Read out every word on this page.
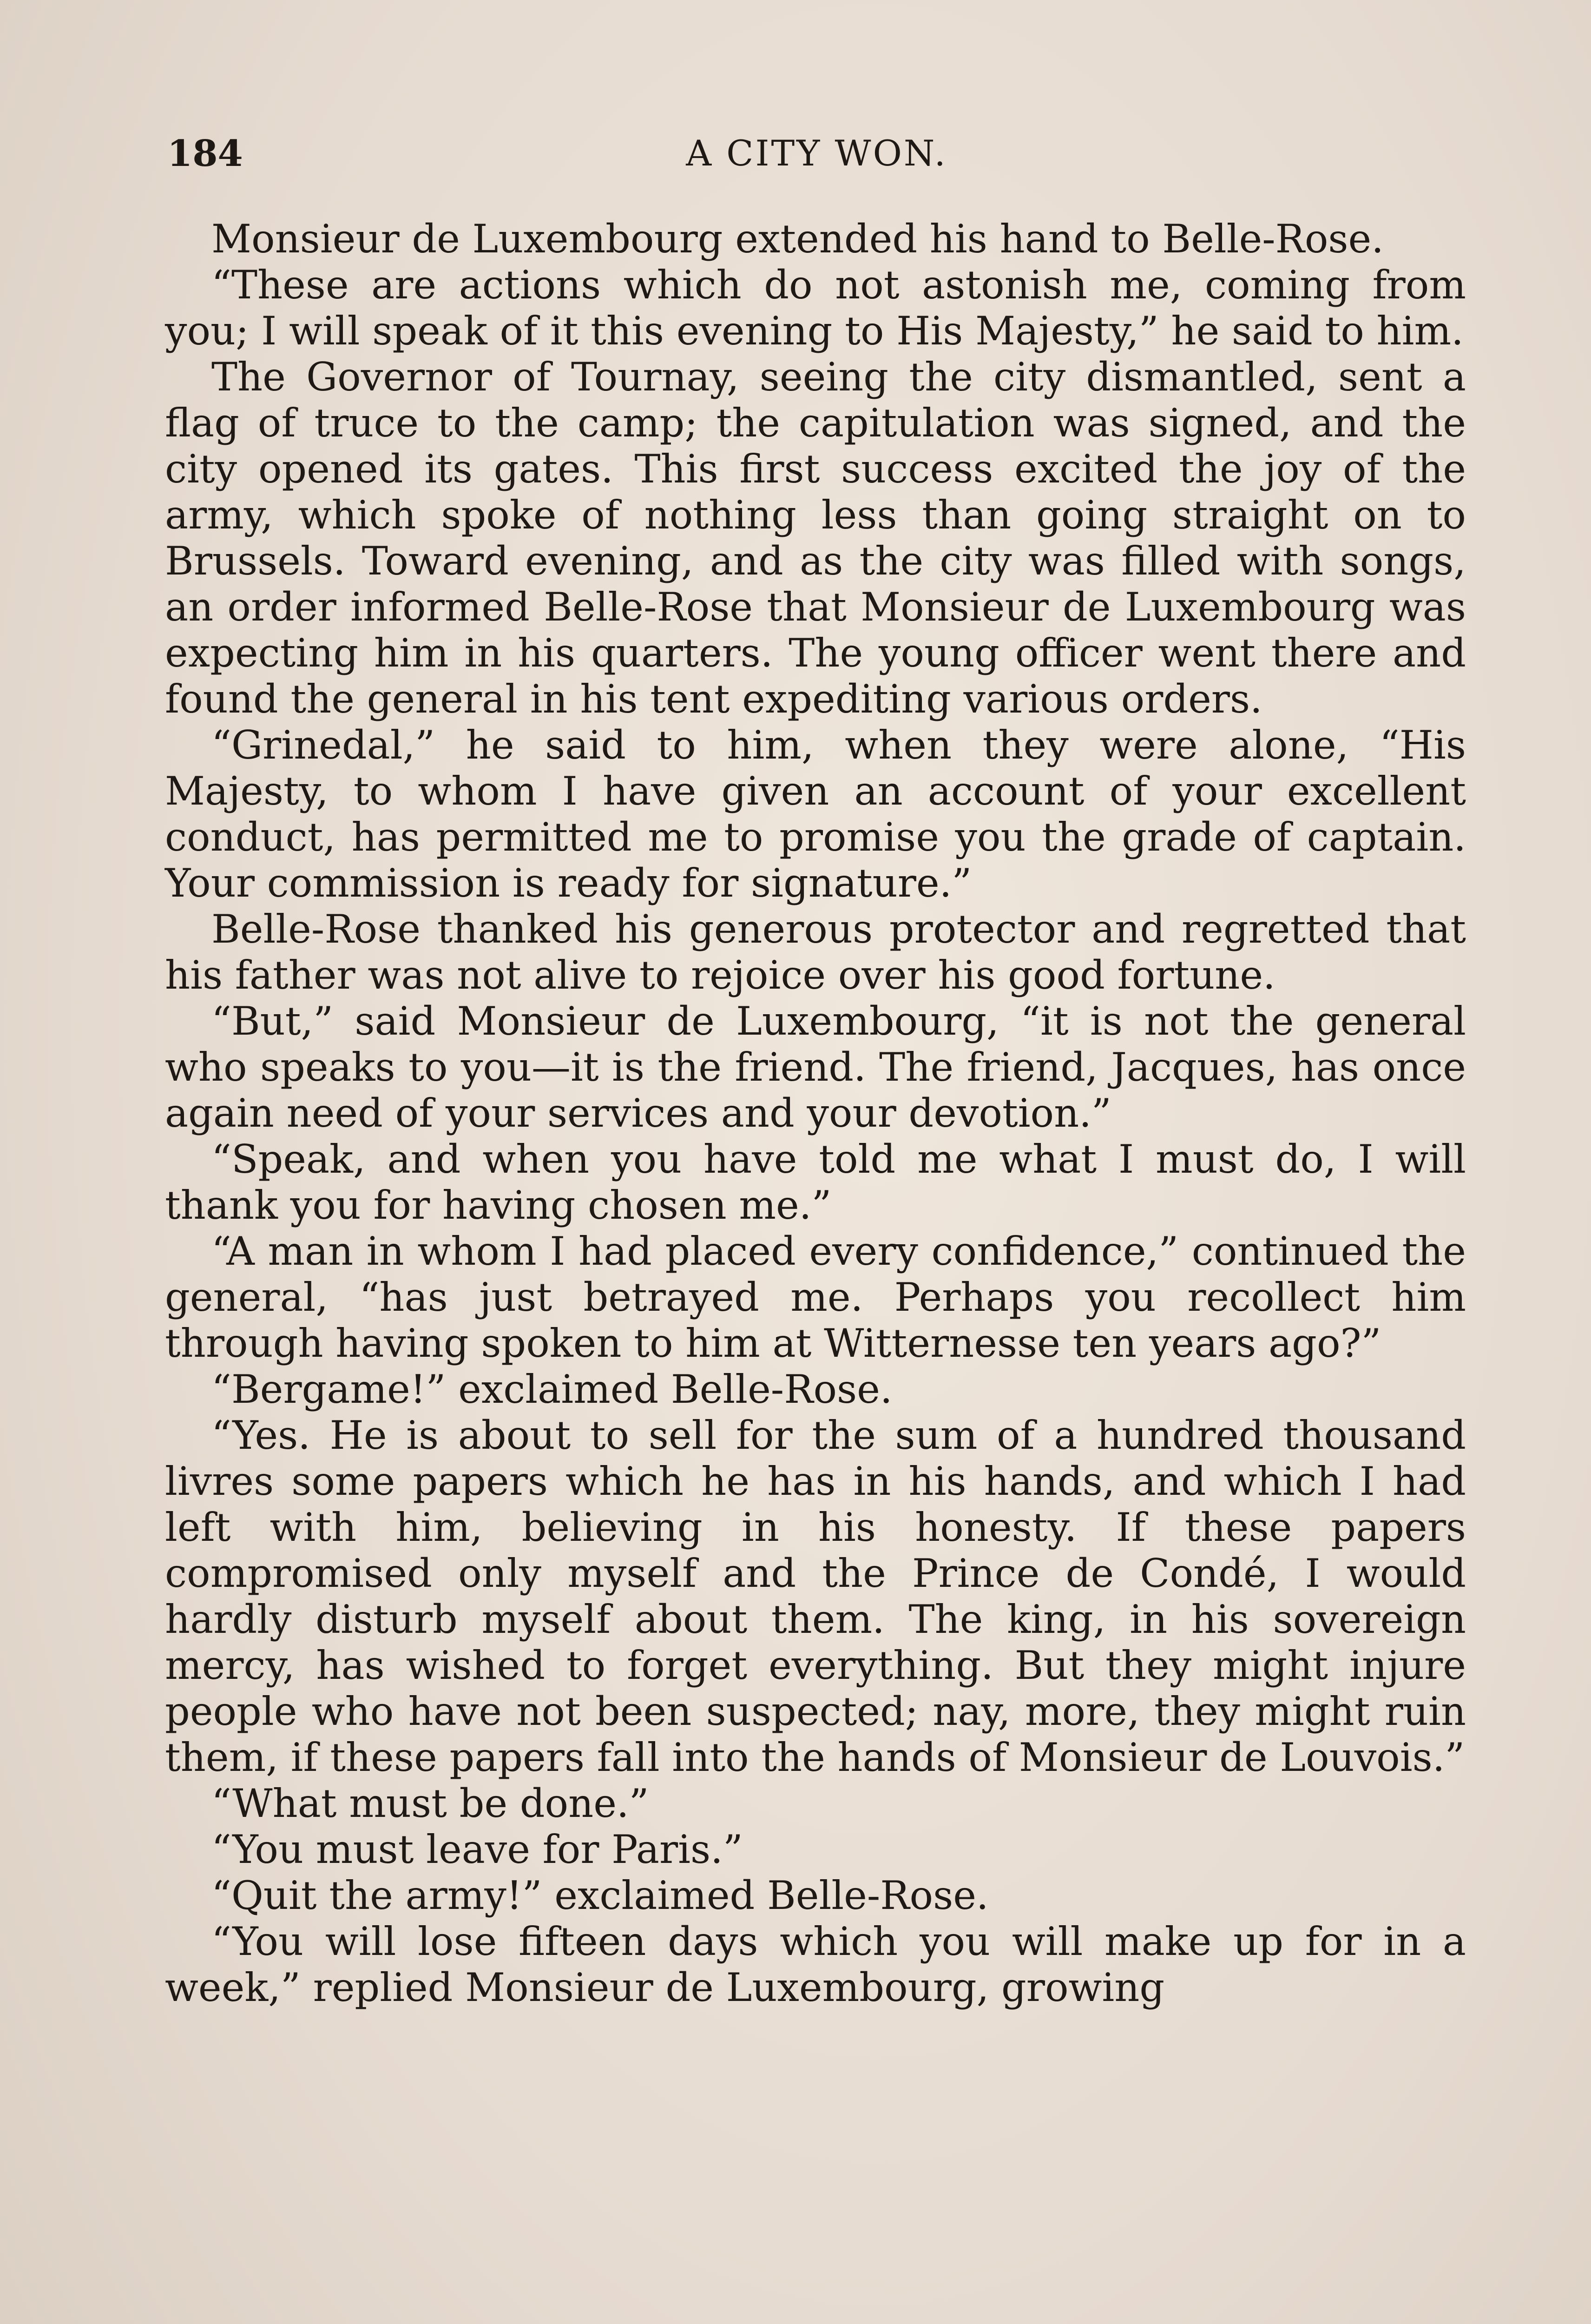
184	A CITY WON.

Monsieur de Luxembourg extended his hand to Belle-Rose.

“These are actions which do not astonish me, coming from you; I will speak of it this evening to His Majesty,” he said to him.

The Governor of Tournay, seeing the city dismantled, sent a flag of truce to the camp; the capitulation was signed, and the city opened its gates. This first success excited the joy of the army, which spoke of nothing less than going straight on to Brussels. Toward evening, and as the city was filled with songs, an order informed Belle-Rose that Monsieur de Luxembourg was expecting him in his quarters. The young officer went there and found the general in his tent expediting various orders.

“Grinedal,” he said to him, when they were alone, “His Majesty, to whom I have given an account of your excellent conduct, has permitted me to promise you the grade of captain. Your commission is ready for signature.”

Belle-Rose thanked his generous protector and regretted that his father was not alive to rejoice over his good fortune.

“But,” said Monsieur de Luxembourg, “it is not the general who speaks to you—it is the friend. The friend, Jacques, has once again need of your services and your devotion.”

“Speak, and when you have told me what I must do, I will thank you for having chosen me.”

“A man in whom I had placed every confidence,” continued the general, “has just betrayed me. Perhaps you recollect him through having spoken to him at Witternesse ten years ago?”

“Bergame!” exclaimed Belle-Rose.

“Yes. He is about to sell for the sum of a hundred thousand livres some papers which he has in his hands, and which I had left with him, believing in his honesty. If these papers compromised only myself and the Prince de Condé, I would hardly disturb myself about them. The king, in his sovereign mercy, has wished to forget everything. But they might injure people who have not been suspected; nay, more, they might ruin them, if these papers fall into the hands of Monsieur de Louvois.”

“What must be done.”

“You must leave for Paris.”

“Quit the army!” exclaimed Belle-Rose.

“You will lose fifteen days which you will make up for in a week,” replied Monsieur de Luxembourg, growing
